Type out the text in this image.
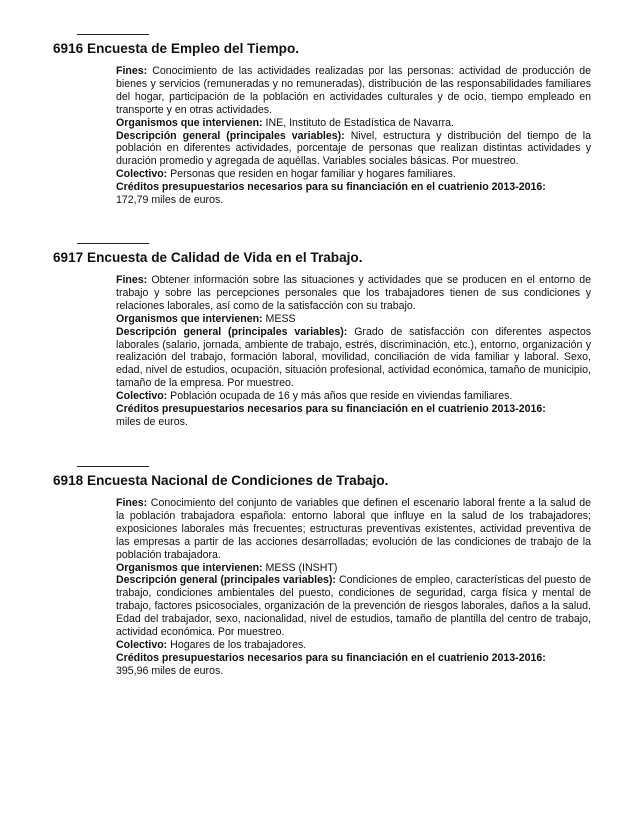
6916 Encuesta de Empleo del Tiempo.

Fines: Conocimiento de las actividades realizadas por las personas: actividad de producción de bienes y servicios (remuneradas y no remuneradas), distribución de las responsabilidades familiares del hogar, participación de la población en actividades culturales y de ocio, tiempo empleado en transporte y en otras actividades.

Organismos que intervienen: INE, Instituto de Estadística de Navarra.

Descripción general (principales variables): Nivel, estructura y distribución del tiempo de la población en diferentes actividades, porcentaje de personas que realizan distintas actividades y duración promedio y agregada de aquéllas. Variables sociales básicas. Por muestreo.

Colectivo: Personas que residen en hogar familiar y hogares familiares.

Créditos presupuestarios necesarios para su financiación en el cuatrienio 2013-2016:

172,79 miles de euros.

6917 Encuesta de Calidad de Vida en el Trabajo.

Fines: Obtener información sobre las situaciones y actividades que se producen en el entorno de trabajo y sobre las percepciones personales que los trabajadores tienen de sus condiciones y relaciones laborales, así como de la satisfacción con su trabajo.

Organismos que intervienen: MESS

Descripción general (principales variables): Grado de satisfacción con diferentes aspectos laborales (salario, jornada, ambiente de trabajo, estrés, discriminación, etc.), entorno, organización y realización del trabajo, formación laboral, movilidad, conciliación de vida familiar y laboral. Sexo, edad, nivel de estudios, ocupación, situación profesional, actividad económica, tamaño de municipio, tamaño de la empresa. Por muestreo.

Colectivo: Población ocupada de 16 y más años que reside en viviendas familiares.

Créditos presupuestarios necesarios para su financiación en el cuatrienio 2013-2016:

miles de euros.

6918 Encuesta Nacional de Condiciones de Trabajo.

Fines: Conocimiento del conjunto de variables que definen el escenario laboral frente a la salud de la población trabajadora española: entorno laboral que influye en la salud de los trabajadores; exposiciones laborales más frecuentes; estructuras preventivas existentes, actividad preventiva de las empresas a partir de las acciones desarrolladas; evolución de las condiciones de trabajo de la población trabajadora.

Organismos que intervienen: MESS (INSHT)

Descripción general (principales variables): Condiciones de empleo, características del puesto de trabajo, condiciones ambientales del puesto, condiciones de seguridad, carga física y mental de trabajo, factores psicosociales, organización de la prevención de riesgos laborales, daños a la salud. Edad del trabajador, sexo, nacionalidad, nivel de estudios, tamaño de plantilla del centro de trabajo, actividad económica. Por muestreo.

Colectivo: Hogares de los trabajadores.

Créditos presupuestarios necesarios para su financiación en el cuatrienio 2013-2016:

395,96 miles de euros.
